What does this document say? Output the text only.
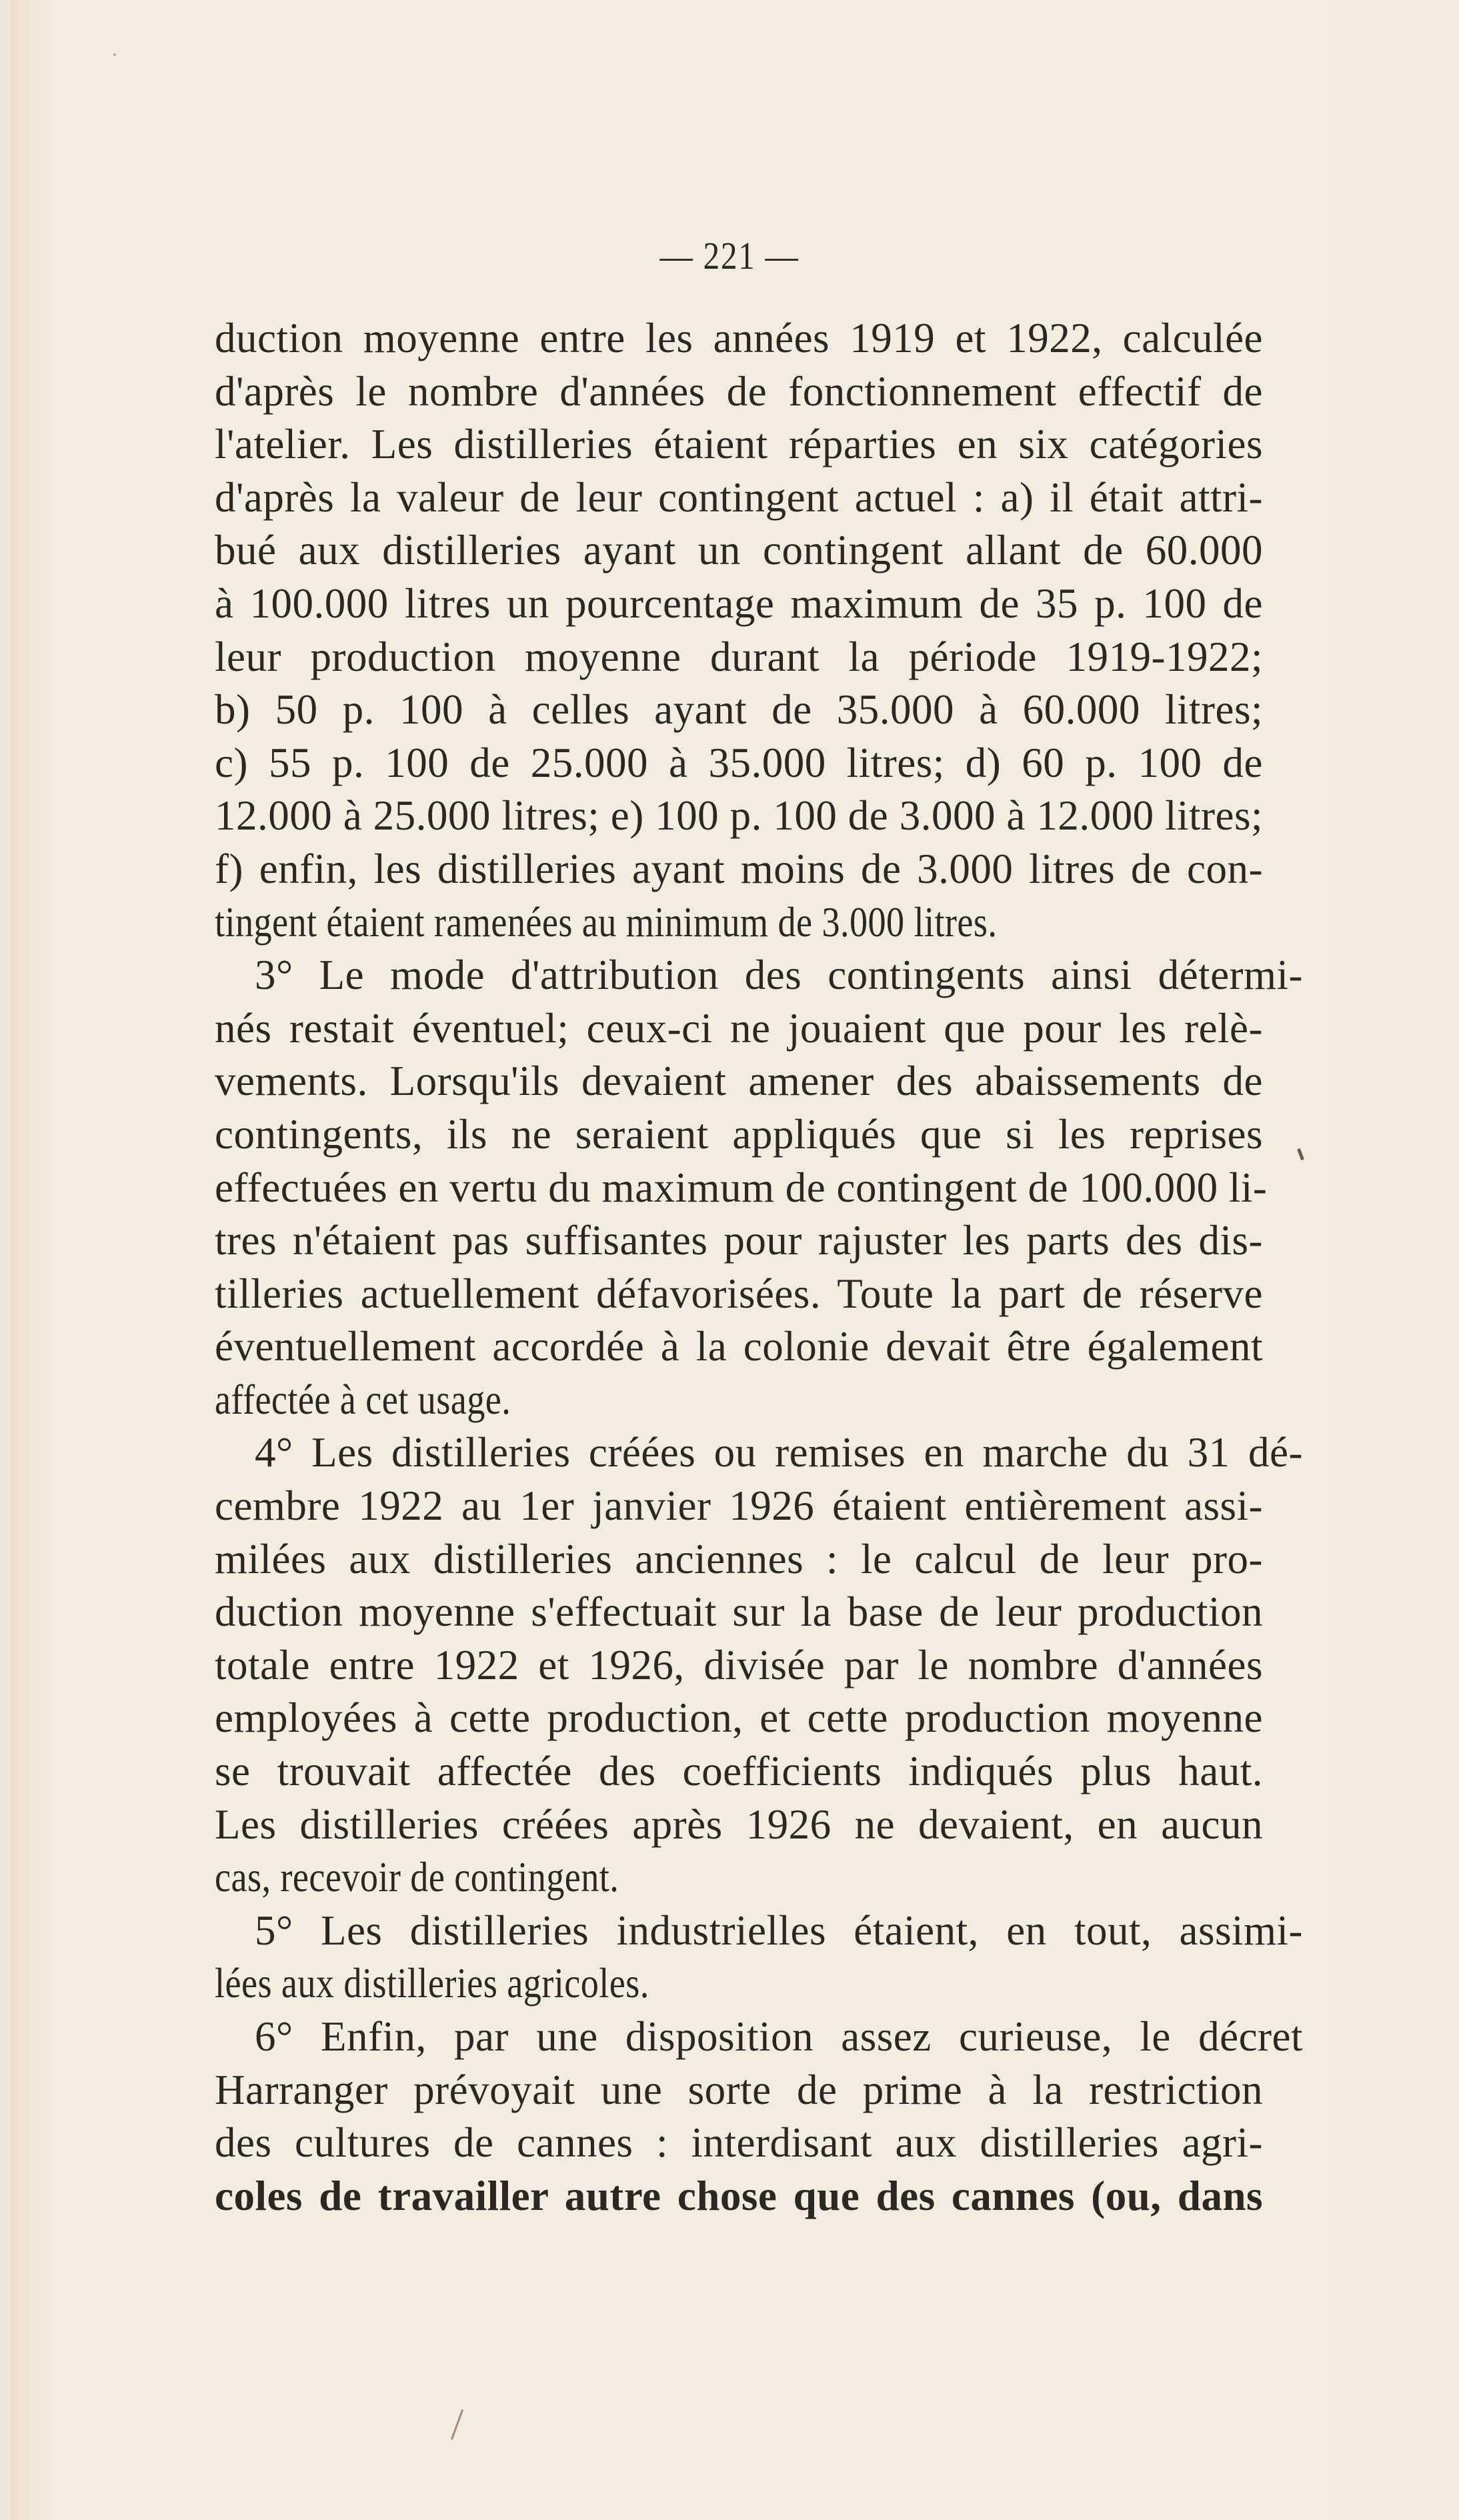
— 221 —
duction moyenne entre les années 1919 et 1922, calculée
d'après le nombre d'années de fonctionnement effectif de
l'atelier. Les distilleries étaient réparties en six catégories
d'après la valeur de leur contingent actuel : a) il était attri-
bué aux distilleries ayant un contingent allant de 60.000
à 100.000 litres un pourcentage maximum de 35 p. 100 de
leur production moyenne durant la période 1919-1922;
b) 50 p. 100 à celles ayant de 35.000 à 60.000 litres;
c) 55 p. 100 de 25.000 à 35.000 litres; d) 60 p. 100 de
12.000 à 25.000 litres; e) 100 p. 100 de 3.000 à 12.000 litres;
f) enfin, les distilleries ayant moins de 3.000 litres de con-
tingent étaient ramenées au minimum de 3.000 litres.
3° Le mode d'attribution des contingents ainsi détermi-
nés restait éventuel; ceux-ci ne jouaient que pour les relè-
vements. Lorsqu'ils devaient amener des abaissements de
contingents, ils ne seraient appliqués que si les reprises
effectuées en vertu du maximum de contingent de 100.000 li-
tres n'étaient pas suffisantes pour rajuster les parts des dis-
tilleries actuellement défavorisées. Toute la part de réserve
éventuellement accordée à la colonie devait être également
affectée à cet usage.
4° Les distilleries créées ou remises en marche du 31 dé-
cembre 1922 au 1er janvier 1926 étaient entièrement assi-
milées aux distilleries anciennes : le calcul de leur pro-
duction moyenne s'effectuait sur la base de leur production
totale entre 1922 et 1926, divisée par le nombre d'années
employées à cette production, et cette production moyenne
se trouvait affectée des coefficients indiqués plus haut.
Les distilleries créées après 1926 ne devaient, en aucun
cas, recevoir de contingent.
5° Les distilleries industrielles étaient, en tout, assimi-
lées aux distilleries agricoles.
6° Enfin, par une disposition assez curieuse, le décret
Harranger prévoyait une sorte de prime à la restriction
des cultures de cannes : interdisant aux distilleries agri-
coles de travailler autre chose que des cannes (ou, dans
